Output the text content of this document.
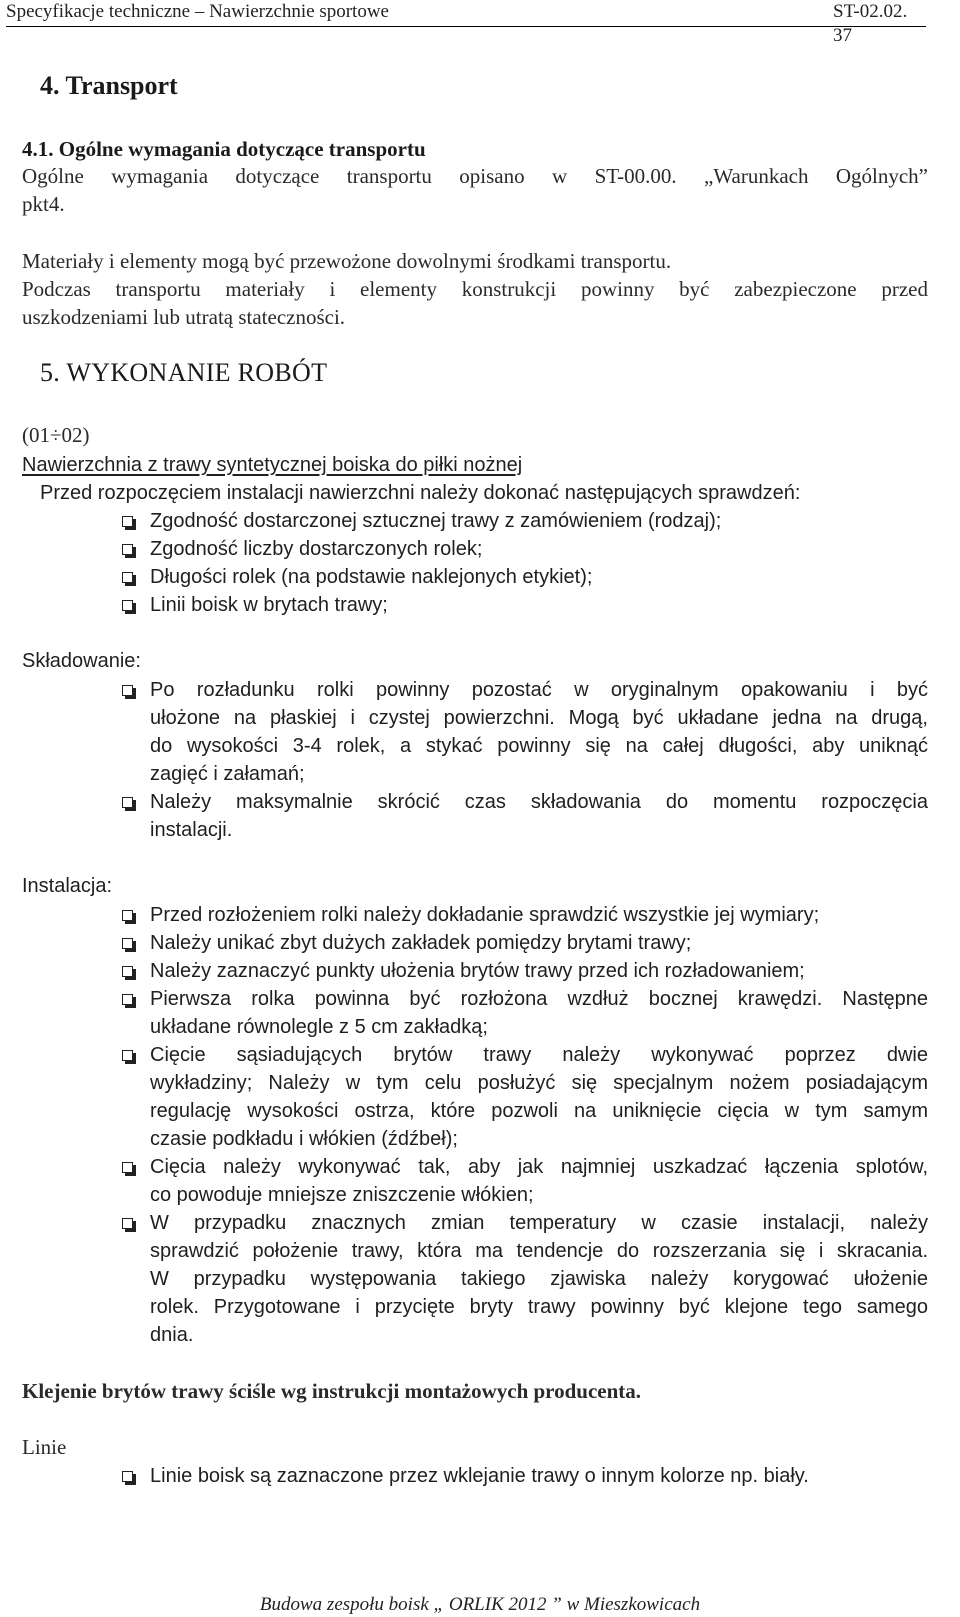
Specyfikacje techniczne – Nawierzchnie sportowe	ST-02.02. 37
4. Transport
4.1. Ogólne wymagania dotyczące transportu
Ogólne wymagania dotyczące transportu opisano w ST-00.00. „Warunkach Ogólnych”
pkt4.
Materiały i elementy mogą być przewożone dowolnymi środkami transportu.
Podczas transportu materiały i elementy konstrukcji powinny być zabezpieczone przed
uszkodzeniami lub utratą stateczności.
5. WYKONANIE ROBÓT
(01÷02)
Nawierzchnia z trawy syntetycznej boiska do piłki nożnej
Przed rozpoczęciem instalacji nawierzchni należy dokonać następujących sprawdzeń:
Zgodność dostarczonej sztucznej trawy z zamówieniem (rodzaj);
Zgodność liczby dostarczonych rolek;
Długości rolek (na podstawie naklejonych etykiet);
Linii boisk w brytach trawy;
Składowanie:
Po rozładunku rolki powinny pozostać w oryginalnym opakowaniu i być
ułożone na płaskiej i czystej powierzchni. Mogą być układane jedna na drugą,
do wysokości 3-4 rolek, a stykać powinny się na całej długości, aby uniknąć
zagięć i załamań;
Należy maksymalnie skrócić czas składowania do momentu rozpoczęcia
instalacji.
Instalacja:
Przed rozłożeniem rolki należy dokładanie sprawdzić wszystkie jej wymiary;
Należy unikać zbyt dużych zakładek pomiędzy brytami trawy;
Należy zaznaczyć punkty ułożenia brytów trawy przed ich rozładowaniem;
Pierwsza rolka powinna być rozłożona wzdłuż bocznej krawędzi. Następne
układane równolegle z 5 cm zakładką;
Cięcie sąsiadujących brytów trawy należy wykonywać poprzez dwie
wykładziny; Należy w tym celu posłużyć się specjalnym nożem posiadającym
regulację wysokości ostrza, które pozwoli na uniknięcie cięcia w tym samym
czasie podkładu i włókien (źdźbeł);
Cięcia należy wykonywać tak, aby jak najmniej uszkadzać łączenia splotów,
co powoduje mniejsze zniszczenie włókien;
W przypadku znacznych zmian temperatury w czasie instalacji, należy
sprawdzić położenie trawy, która ma tendencje do rozszerzania się i skracania.
W przypadku występowania takiego zjawiska należy korygować ułożenie
rolek. Przygotowane i przycięte bryty trawy powinny być klejone tego samego
dnia.
Klejenie brytów trawy ściśle wg instrukcji montażowych producenta.
Linie
Linie boisk są zaznaczone przez wklejanie trawy o innym kolorze np. biały.
Budowa zespołu boisk „ ORLIK 2012 ” w Mieszkowicach
